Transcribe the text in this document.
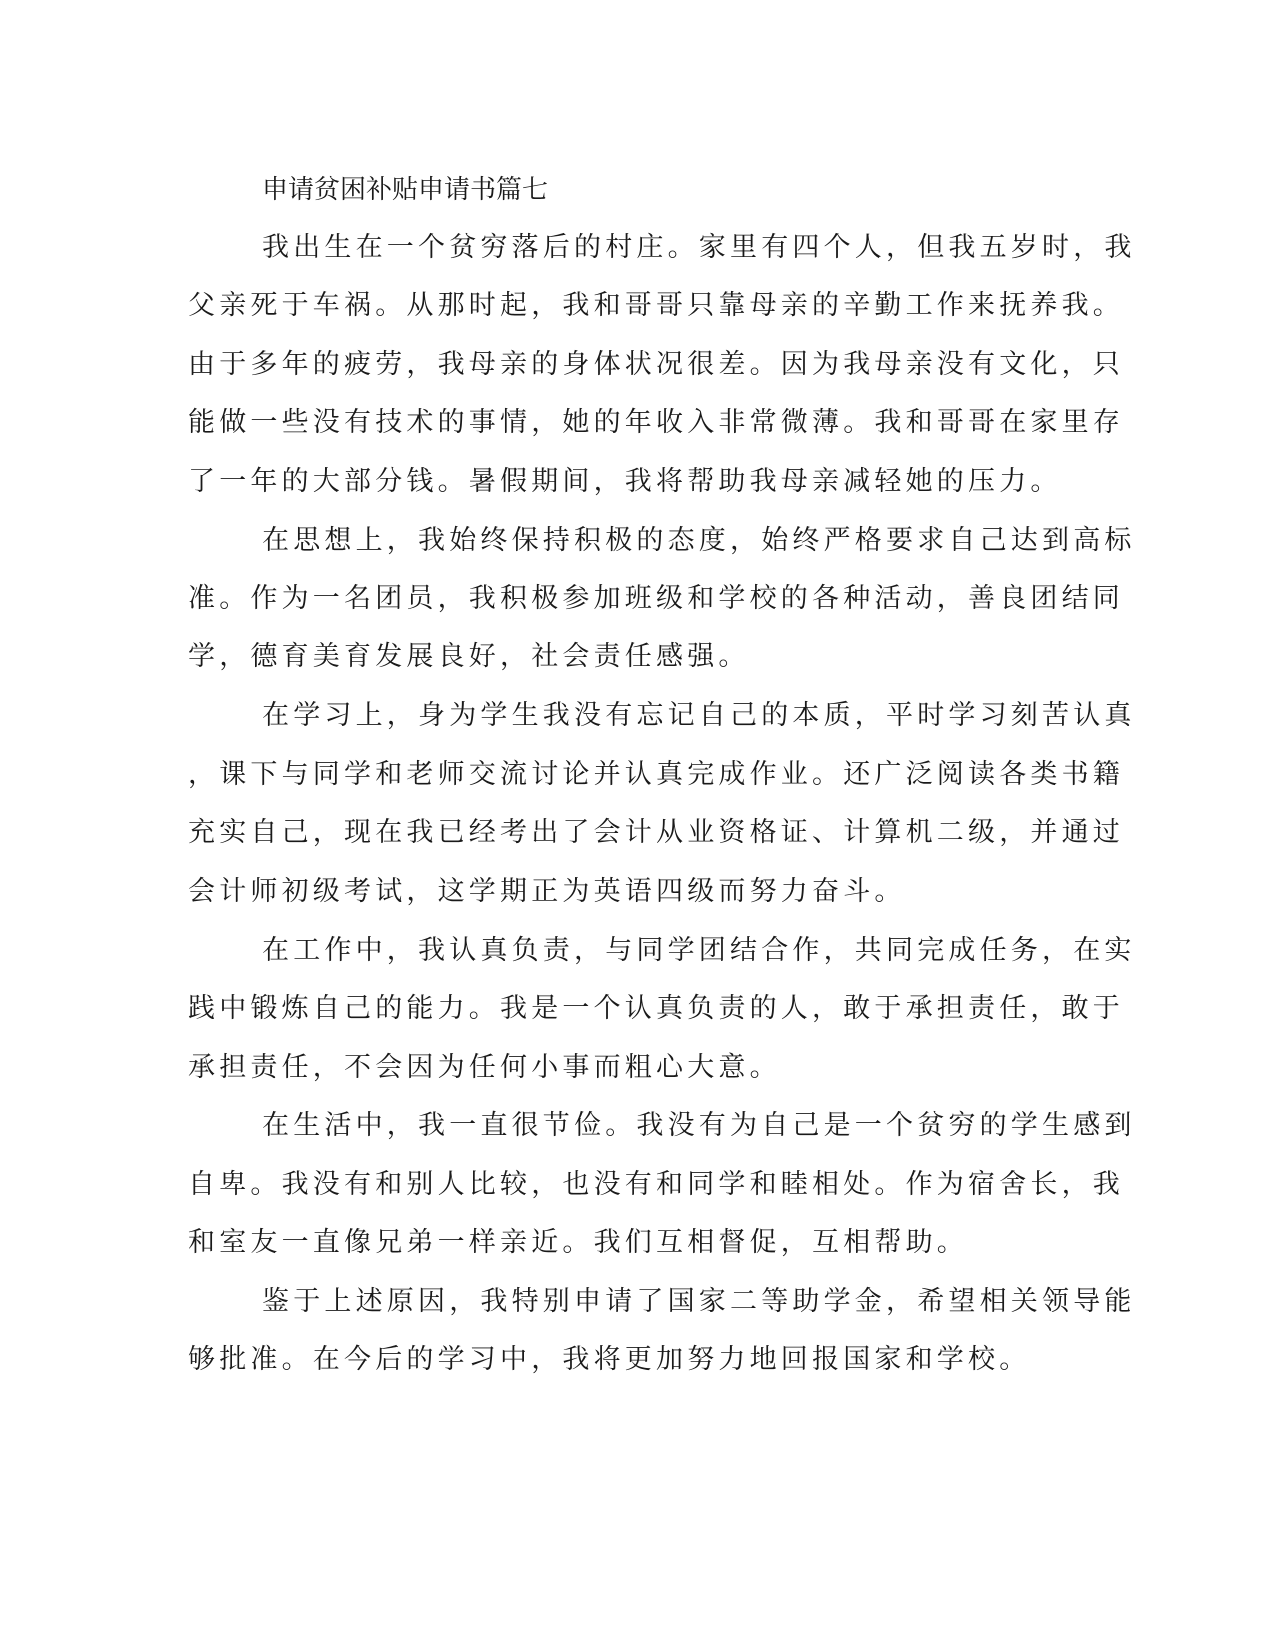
申请贫困补贴申请书篇七

我出生在一个贫穷落后的村庄。家里有四个人，但我五岁时，我

父亲死于车祸。从那时起，我和哥哥只靠母亲的辛勤工作来抚养我。

由于多年的疲劳，我母亲的身体状况很差。因为我母亲没有文化，只

能做一些没有技术的事情，她的年收入非常微薄。我和哥哥在家里存

了一年的大部分钱。暑假期间，我将帮助我母亲减轻她的压力。

在思想上，我始终保持积极的态度，始终严格要求自己达到高标

准。作为一名团员，我积极参加班级和学校的各种活动，善良团结同

学，德育美育发展良好，社会责任感强。

在学习上，身为学生我没有忘记自己的本质，平时学习刻苦认真

，课下与同学和老师交流讨论并认真完成作业。还广泛阅读各类书籍

充实自己，现在我已经考出了会计从业资格证、计算机二级，并通过

会计师初级考试，这学期正为英语四级而努力奋斗。

在工作中，我认真负责，与同学团结合作，共同完成任务，在实

践中锻炼自己的能力。我是一个认真负责的人，敢于承担责任，敢于

承担责任，不会因为任何小事而粗心大意。

在生活中，我一直很节俭。我没有为自己是一个贫穷的学生感到

自卑。我没有和别人比较，也没有和同学和睦相处。作为宿舍长，我

和室友一直像兄弟一样亲近。我们互相督促，互相帮助。

鉴于上述原因，我特别申请了国家二等助学金，希望相关领导能

够批准。在今后的学习中，我将更加努力地回报国家和学校。
